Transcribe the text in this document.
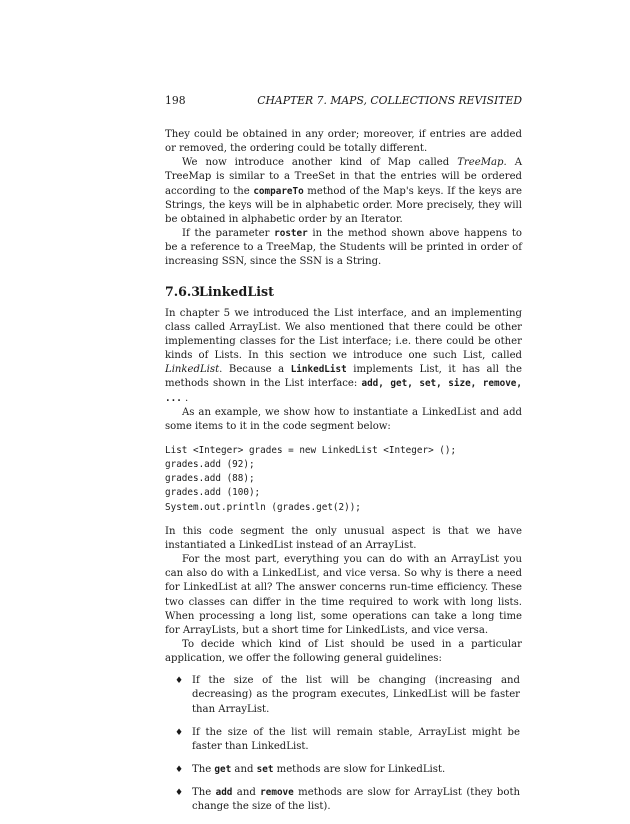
198	CHAPTER 7. MAPS, COLLECTIONS REVISITED

They could be obtained in any order; moreover, if entries are added or removed, the ordering could be totally different.

We now introduce another kind of Map called TreeMap. A TreeMap is similar to a TreeSet in that the entries will be ordered according to the compareTo method of the Map's keys. If the keys are Strings, the keys will be in alphabetic order. More precisely, they will be obtained in alphabetic order by an Iterator.

If the parameter roster in the method shown above happens to be a reference to a TreeMap, the Students will be printed in order of increasing SSN, since the SSN is a String.

7.6.3LinkedList

In chapter 5 we introduced the List interface, and an implementing class called ArrayList. We also mentioned that there could be other implementing classes for the List interface; i.e. there could be other kinds of Lists. In this section we introduce one such List, called LinkedList. Because a LinkedList implements List, it has all the methods shown in the List interface: add, get, set, size, remove, ... .

As an example, we show how to instantiate a LinkedList and add some items to it in the code segment below:

List <Integer> grades = new LinkedList <Integer> ();
grades.add (92);
grades.add (88);
grades.add (100);
System.out.println (grades.get(2));

In this code segment the only unusual aspect is that we have instantiated a LinkedList instead of an ArrayList.

For the most part, everything you can do with an ArrayList you can also do with a LinkedList, and vice versa. So why is there a need for LinkedList at all? The answer concerns run-time efficiency. These two classes can differ in the time required to work with long lists. When processing a long list, some operations can take a long time for ArrayLists, but a short time for LinkedLists, and vice versa.

To decide which kind of List should be used in a particular application, we offer the following general guidelines:

♦ If the size of the list will be changing (increasing and decreasing) as the program executes, LinkedList will be faster than ArrayList.
♦ If the size of the list will remain stable, ArrayList might be faster than LinkedList.
♦ The get and set methods are slow for LinkedList.
♦ The add and remove methods are slow for ArrayList (they both change the size of the list).
